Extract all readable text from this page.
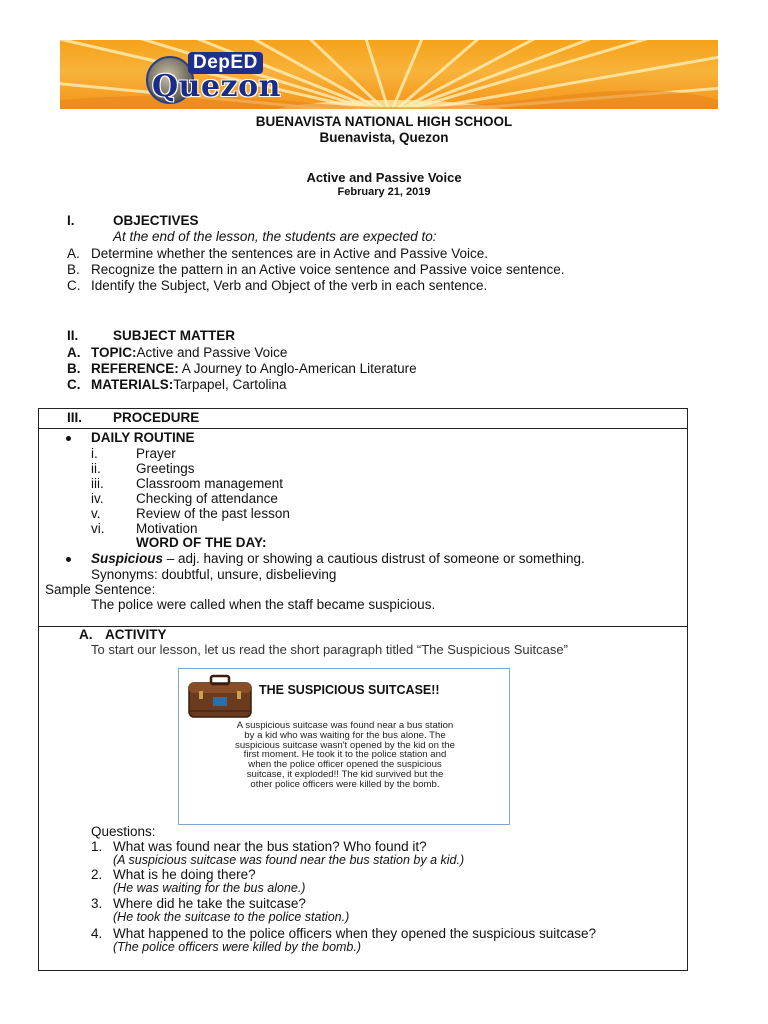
DepED
Quezon
BUENAVISTA NATIONAL HIGH SCHOOL
Buenavista, Quezon
Active and Passive Voice
February 21, 2019
I.	OBJECTIVES
At the end of the lesson, the students are expected to:
A. Determine whether the sentences are in Active and Passive Voice.
B. Recognize the pattern in an Active voice sentence and Passive voice sentence.
C. Identify the Subject, Verb and Object of the verb in each sentence.
II.	SUBJECT MATTER
A. TOPIC:Active and Passive Voice
B. REFERENCE: A Journey to Anglo-American Literature
C. MATERIALS:Tarpapel, Cartolina
III. PROCEDURE
DAILY ROUTINE
i.	Prayer
ii.	Greetings
iii. Classroom management
iv. Checking of attendance
v.	Review of the past lesson
vi. Motivation
WORD OF THE DAY:
Suspicious – adj. having or showing a cautious distrust of someone or something.
Synonyms: doubtful, unsure, disbelieving
Sample Sentence:
The police were called when the staff became suspicious.
A. ACTIVITY
To start our lesson, let us read the short paragraph titled “The Suspicious Suitcase”
THE SUSPICIOUS SUITCASE!!
A suspicious suitcase was found near a bus station
by a kid who was waiting for the bus alone. The
suspicious suitcase wasn't opened by the kid on the
first moment. He took it to the police station and
when the police officer opened the suspicious
suitcase, it exploded!! The kid survived but the
other police officers were killed by the bomb.
Questions:
1. What was found near the bus station? Who found it?
(A suspicious suitcase was found near the bus station by a kid.)
2. What is he doing there?
(He was waiting for the bus alone.)
3. Where did he take the suitcase?
(He took the suitcase to the police station.)
4. What happened to the police officers when they opened the suspicious suitcase?
(The police officers were killed by the bomb.)
